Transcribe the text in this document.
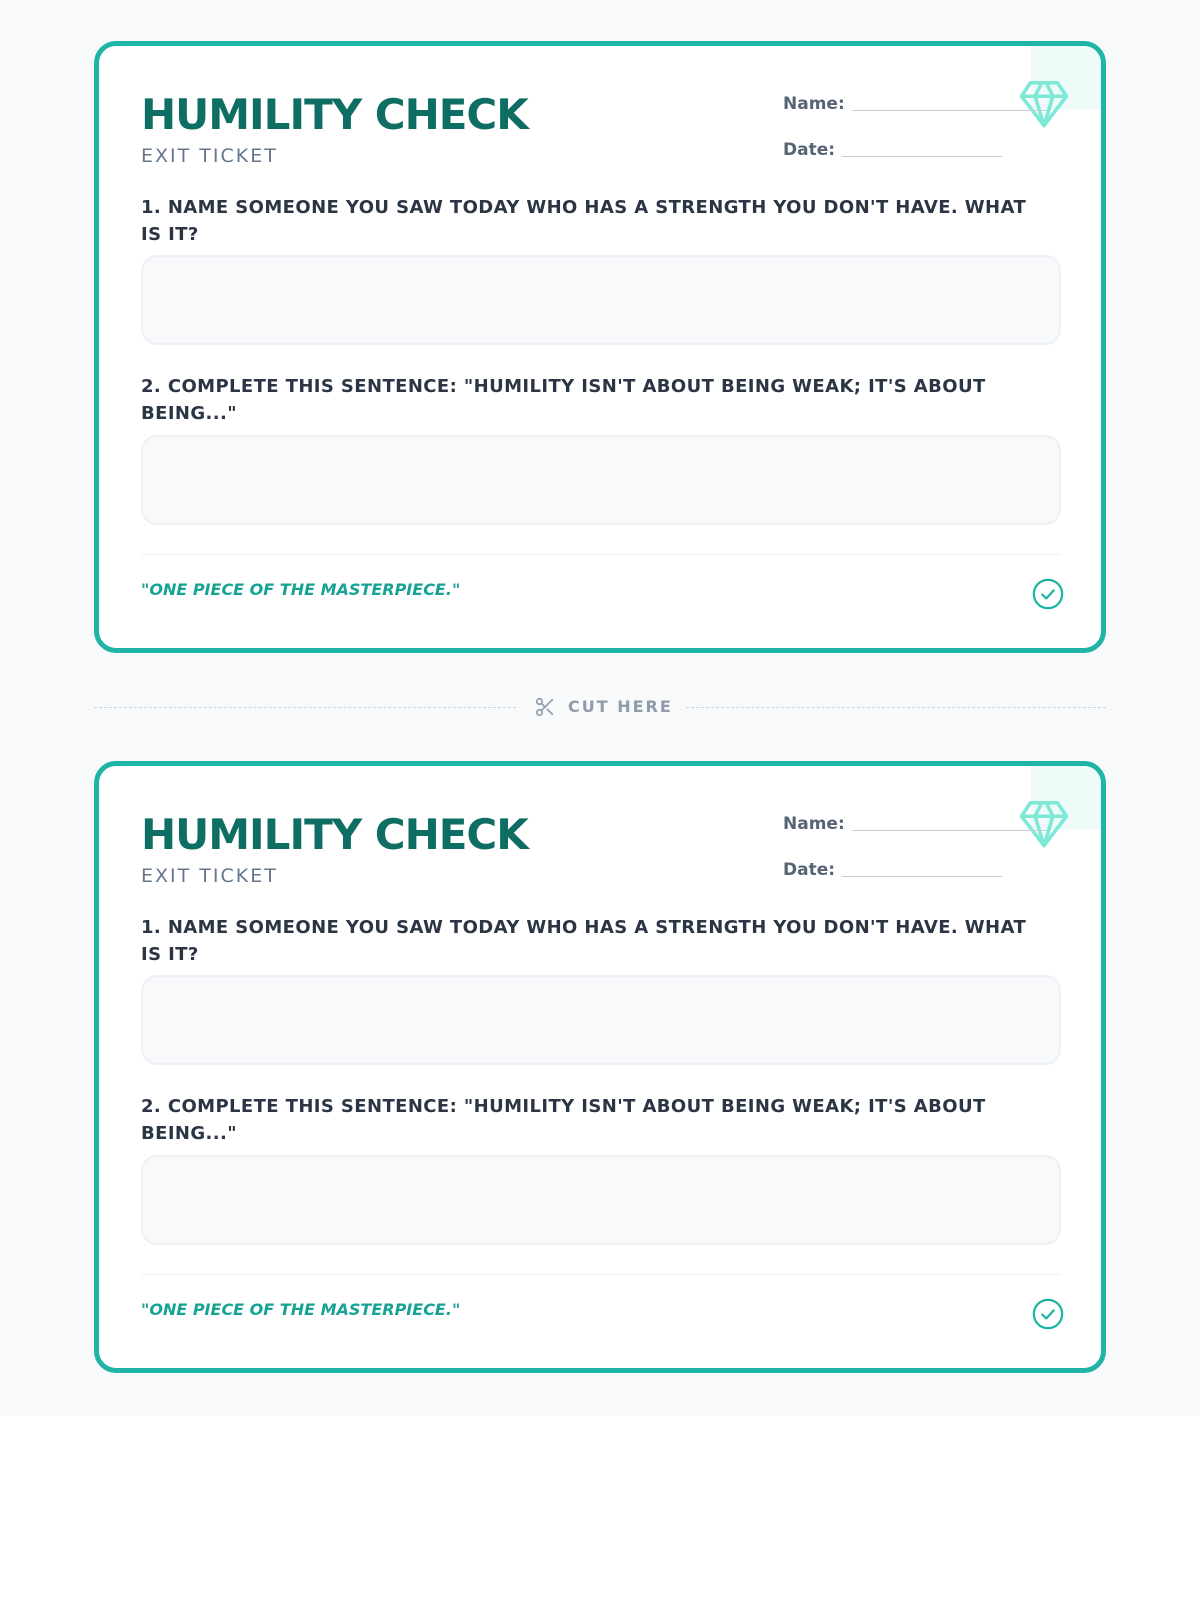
HUMILITY CHECK
EXIT TICKET
Name:
Date:
1. NAME SOMEONE YOU SAW TODAY WHO HAS A STRENGTH YOU DON'T HAVE. WHAT IS IT?
2. COMPLETE THIS SENTENCE: "HUMILITY ISN'T ABOUT BEING WEAK; IT'S ABOUT BEING..."
"ONE PIECE OF THE MASTERPIECE."
CUT HERE
HUMILITY CHECK
EXIT TICKET
Name:
Date:
1. NAME SOMEONE YOU SAW TODAY WHO HAS A STRENGTH YOU DON'T HAVE. WHAT IS IT?
2. COMPLETE THIS SENTENCE: "HUMILITY ISN'T ABOUT BEING WEAK; IT'S ABOUT BEING..."
"ONE PIECE OF THE MASTERPIECE."
